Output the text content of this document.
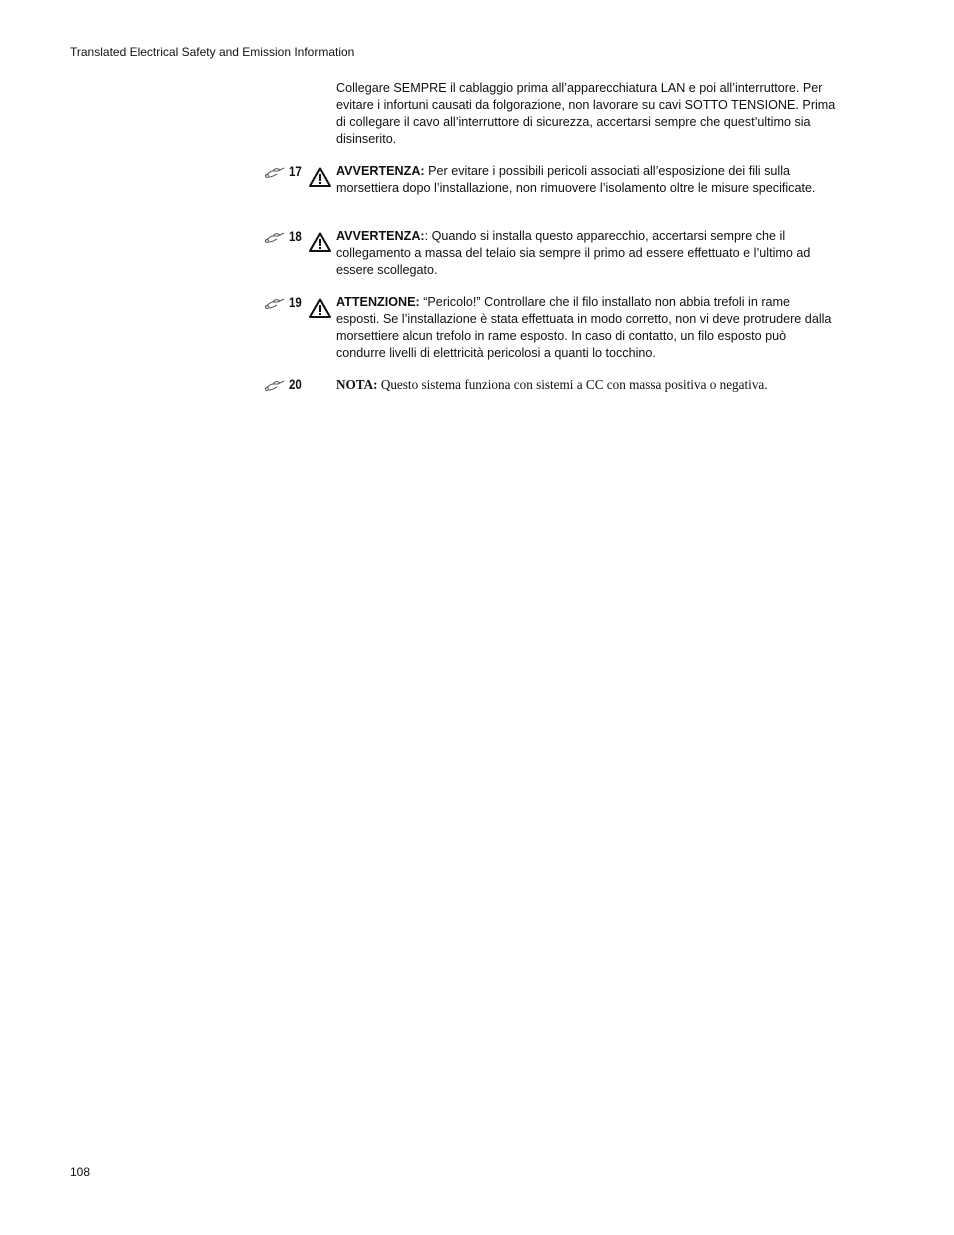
Translated Electrical Safety and Emission Information

Collegare SEMPRE il cablaggio prima all’apparecchiatura LAN e poi all’interruttore. Per evitare i infortuni causati da folgorazione, non lavorare su cavi SOTTO TENSIONE. Prima di collegare il cavo all’interruttore di sicurezza, accertarsi sempre che quest’ultimo sia disinserito.

17	AVVERTENZA: Per evitare i possibili pericoli associati all’esposizione dei fili sulla morsettiera dopo l’installazione, non rimuovere l’isolamento oltre le misure specificate.
18	AVVERTENZA:: Quando si installa questo apparecchio, accertarsi sempre che il collegamento a massa del telaio sia sempre il primo ad essere effettuato e l’ultimo ad essere scollegato.
19	ATTENZIONE: “Pericolo!” Controllare che il filo installato non abbia trefoli in rame esposti. Se l’installazione è stata effettuata in modo corretto, non vi deve protrudere dalla morsettiere alcun trefolo in rame esposto. In caso di contatto, un filo esposto può condurre livelli di elettricità pericolosi a quanti lo tocchino.
20	NOTA: Questo sistema funziona con sistemi a CC con massa positiva o negativa.
108
